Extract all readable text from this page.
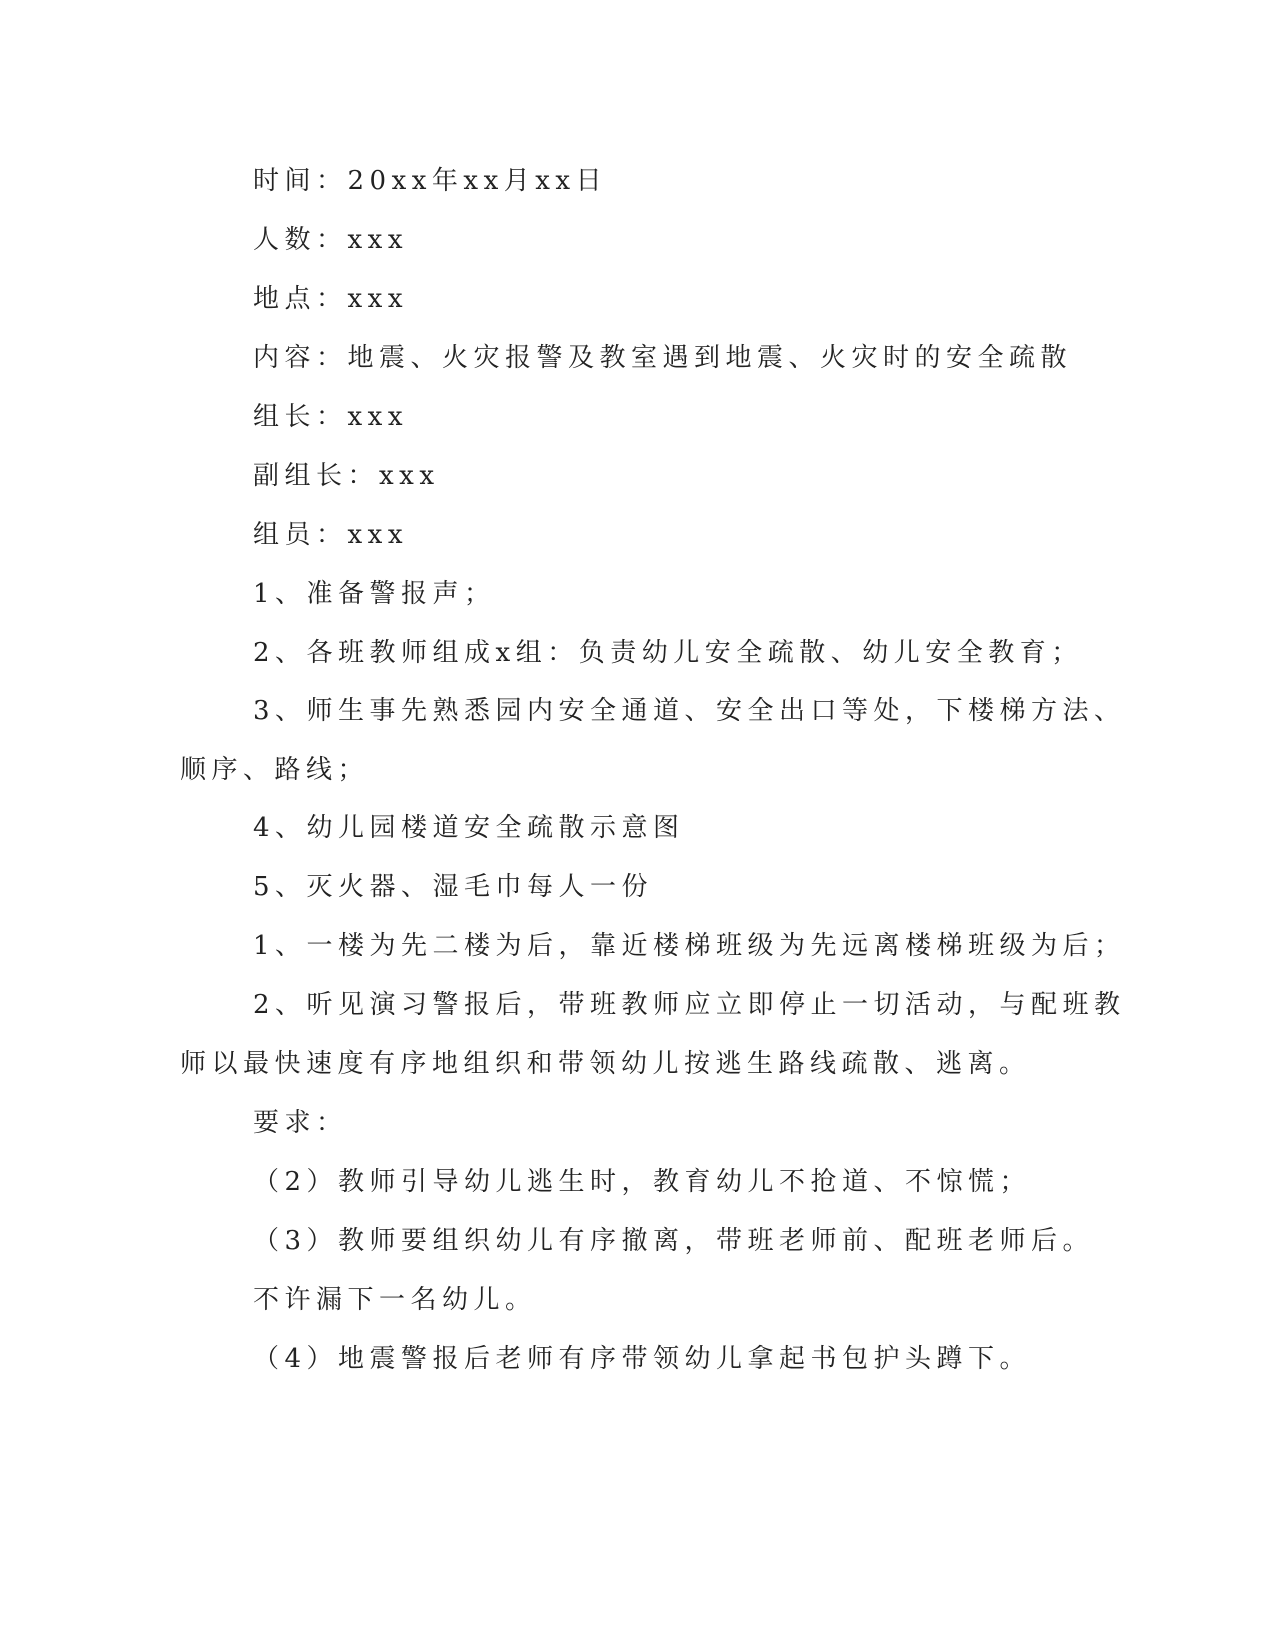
时间：20xx年xx月xx日
人数：xxx
地点：xxx
内容：地震、火灾报警及教室遇到地震、火灾时的安全疏散
组长：xxx
副组长：xxx
组员：xxx
1、准备警报声；
2、各班教师组成x组：负责幼儿安全疏散、幼儿安全教育；
3、师生事先熟悉园内安全通道、安全出口等处，下楼梯方法、
顺序、路线；
4、幼儿园楼道安全疏散示意图
5、灭火器、湿毛巾每人一份
1、一楼为先二楼为后，靠近楼梯班级为先远离楼梯班级为后；
2、听见演习警报后，带班教师应立即停止一切活动，与配班教
师以最快速度有序地组织和带领幼儿按逃生路线疏散、逃离。
要求：
（2）教师引导幼儿逃生时，教育幼儿不抢道、不惊慌；
（3）教师要组织幼儿有序撤离，带班老师前、配班老师后。
不许漏下一名幼儿。
（4）地震警报后老师有序带领幼儿拿起书包护头蹲下。
